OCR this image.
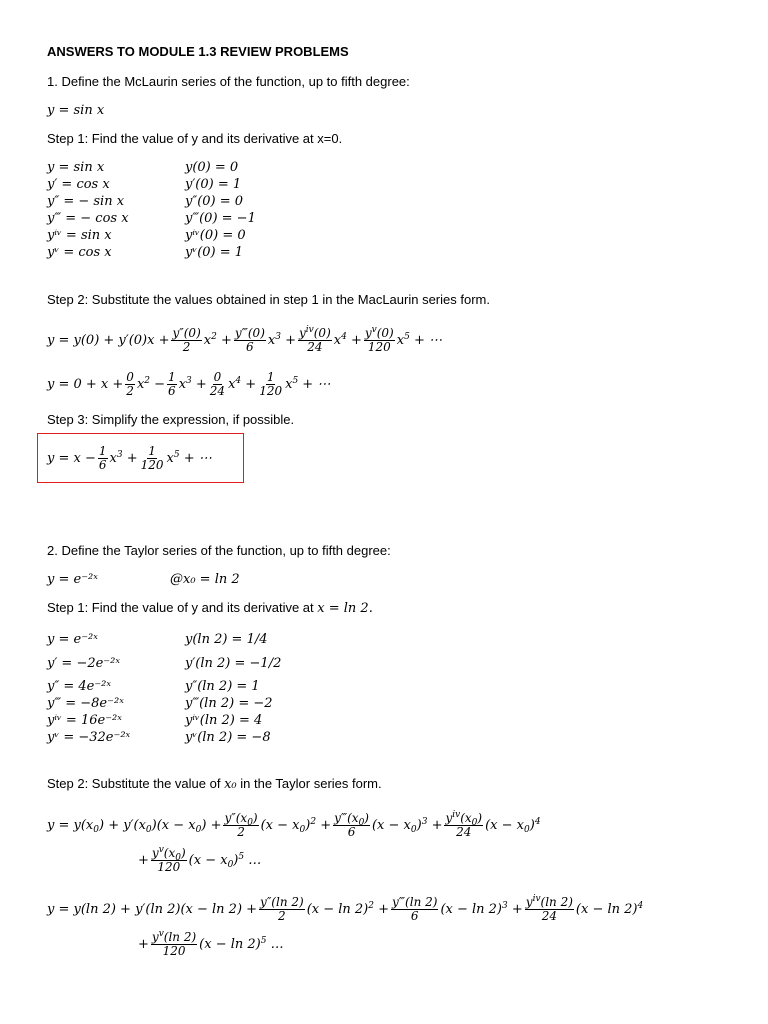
ANSWERS TO MODULE 1.3 REVIEW PROBLEMS
1. Define the McLaurin series of the function, up to fifth degree:
y = sin x
Step 1: Find the value of y and its derivative at x=0.
y = sin x	y(0) = 0
y′ = cos x	y′(0) = 1
y″ = − sin x	y″(0) = 0
y‴ = − cos x	y‴(0) = −1
yⁱᵛ = sin x	yⁱᵛ(0) = 0
yᵛ = cos x	yᵛ(0) = 1
Step 2: Substitute the values obtained in step 1 in the MacLaurin series form.
$y = y(0) + y'(0)x + \frac{y''(0)}{2} x^2 + \frac{y‴(0)}{6} x^3 + \frac{y^{iv}(0)}{24} x^4 + \frac{y^v(0)}{120} x^5$ + ⋯
$y = 0 + x + \frac{0}{2} x^2 - \frac{1}{6} x^3 + \frac{0}{24} x^4 + \frac{1}{120} x^5$ + ⋯
Step 3: Simplify the expression, if possible.
$y = x - \frac{1}{6} x^3 + \frac{1}{120} x^5$ + ⋯
2. Define the Taylor series of the function, up to fifth degree:
y = e⁻²ˣ	@x₀ = ln 2
Step 1: Find the value of y and its derivative at x = ln 2.
y = e⁻²ˣ	y(ln 2) = 1/4
y′ = −2e⁻²ˣ	y′(ln 2) = −1/2
y″ = 4e⁻²ˣ	y″(ln 2) = 1
y‴ = −8e⁻²ˣ	y‴(ln 2) = −2
yⁱᵛ = 16e⁻²ˣ	yⁱᵛ(ln 2) = 4
yᵛ = −32e⁻²ˣ	yᵛ(ln 2) = −8
Step 2: Substitute the value of x₀ in the Taylor series form.
$y = y(x_0) + y'(x_0)(x - x_0) + \frac{y''(x_0)}{2} (x - x_0)^2 + \frac{y‴(x_0)}{6} (x - x_0)^3 + \frac{y^{iv}(x_0)}{24} (x - x_0)^4$
+ $\frac{y^v(x_0)}{120} (x - x_0)^5$ …
y = y(ln 2) + y′(ln $2)(x - \ln 2) + \frac{y''(\ln 2)}{2} (x - \ln 2)^2 + \frac{y‴(\ln 2)}{6} (x - \ln 2)^3 + \frac{y^{iv}(\ln 2)}{24} (x - \ln 2)^4$
+ $\frac{y^v(\ln 2)}{120} (x - \ln 2)^5$ …
